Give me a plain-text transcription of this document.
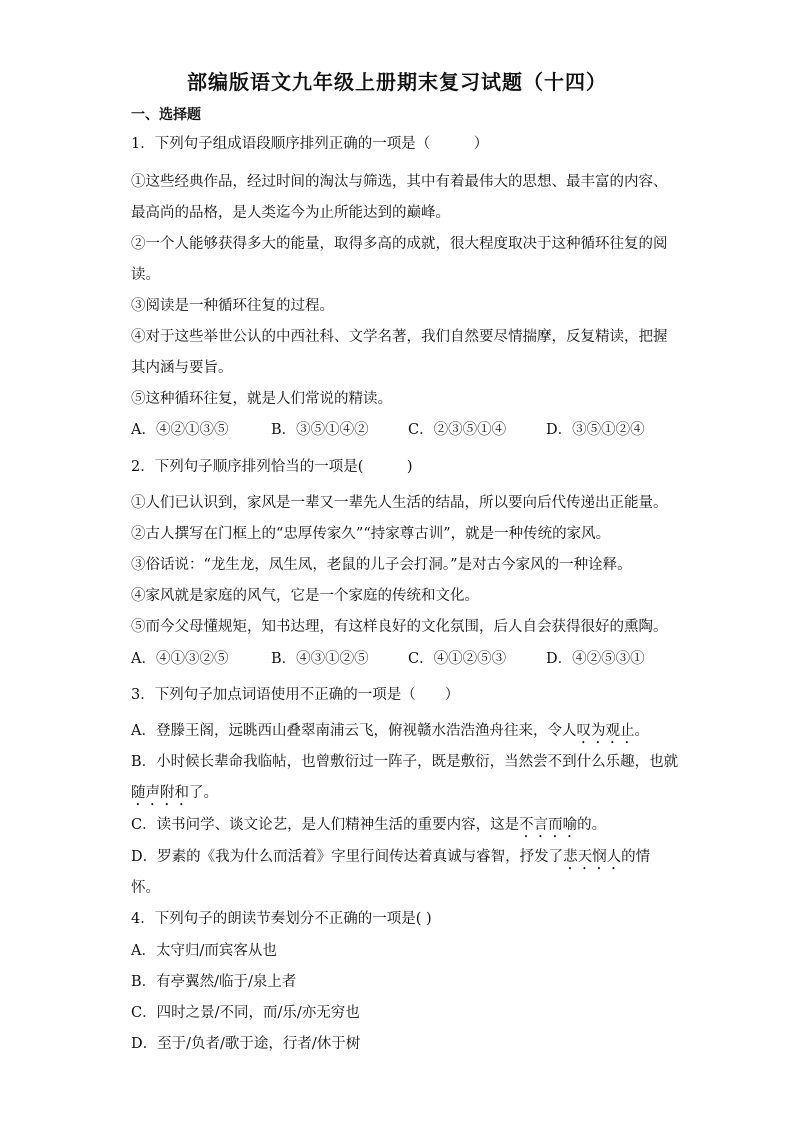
部编版语文九年级上册期末复习试题（十四）
一、选择题
1．下列句子组成语段顺序排列正确的一项是（　　　）
①这些经典作品，经过时间的淘汰与筛选，其中有着最伟大的思想、最丰富的内容、
最高尚的品格，是人类迄今为止所能达到的巅峰。
②一个人能够获得多大的能量，取得多高的成就，很大程度取决于这种循环往复的阅
读。
③阅读是一种循环往复的过程。
④对于这些举世公认的中西社科、文学名著，我们自然要尽情揣摩，反复精读，把握
其内涵与要旨。
⑤这种循环往复，就是人们常说的精读。
A．④②①③⑤	B．③⑤①④②	C．②③⑤①④	D．③⑤①②④
2．下列句子顺序排列恰当的一项是(　　　)
①人们已认识到，家风是一辈又一辈先人生活的结晶，所以要向后代传递出正能量。
②古人撰写在门框上的“忠厚传家久”“持家尊古训”，就是一种传统的家风。
③俗话说：“龙生龙，凤生凤，老鼠的儿子会打洞。”是对古今家风的一种诠释。
④家风就是家庭的风气，它是一个家庭的传统和文化。
⑤而今父母懂规矩，知书达理，有这样良好的文化氛围，后人自会获得很好的熏陶。
A．④①③②⑤	B．④③①②⑤	C．④①②⑤③	D．④②⑤③①
3．下列句子加点词语使用不正确的一项是（　　）
A．登滕王阁，远眺西山叠翠南浦云飞，俯视赣水浩浩渔舟往来，令人叹为观止。
B．小时候长辈命我临帖，也曾敷衍过一阵子，既是敷衍，当然尝不到什么乐趣，也就
随声附和了。
C．读书问学、谈文论艺，是人们精神生活的重要内容，这是不言而喻的。
D．罗素的《我为什么而活着》字里行间传达着真诚与睿智，抒发了悲天悯人的情
怀。
4．下列句子的朗读节奏划分不正确的一项是( )
A．太守归/而宾客从也
B．有亭翼然/临于/泉上者
C．四时之景/不同，而/乐/亦无穷也
D．至于/负者/歌于途，行者/休于树
